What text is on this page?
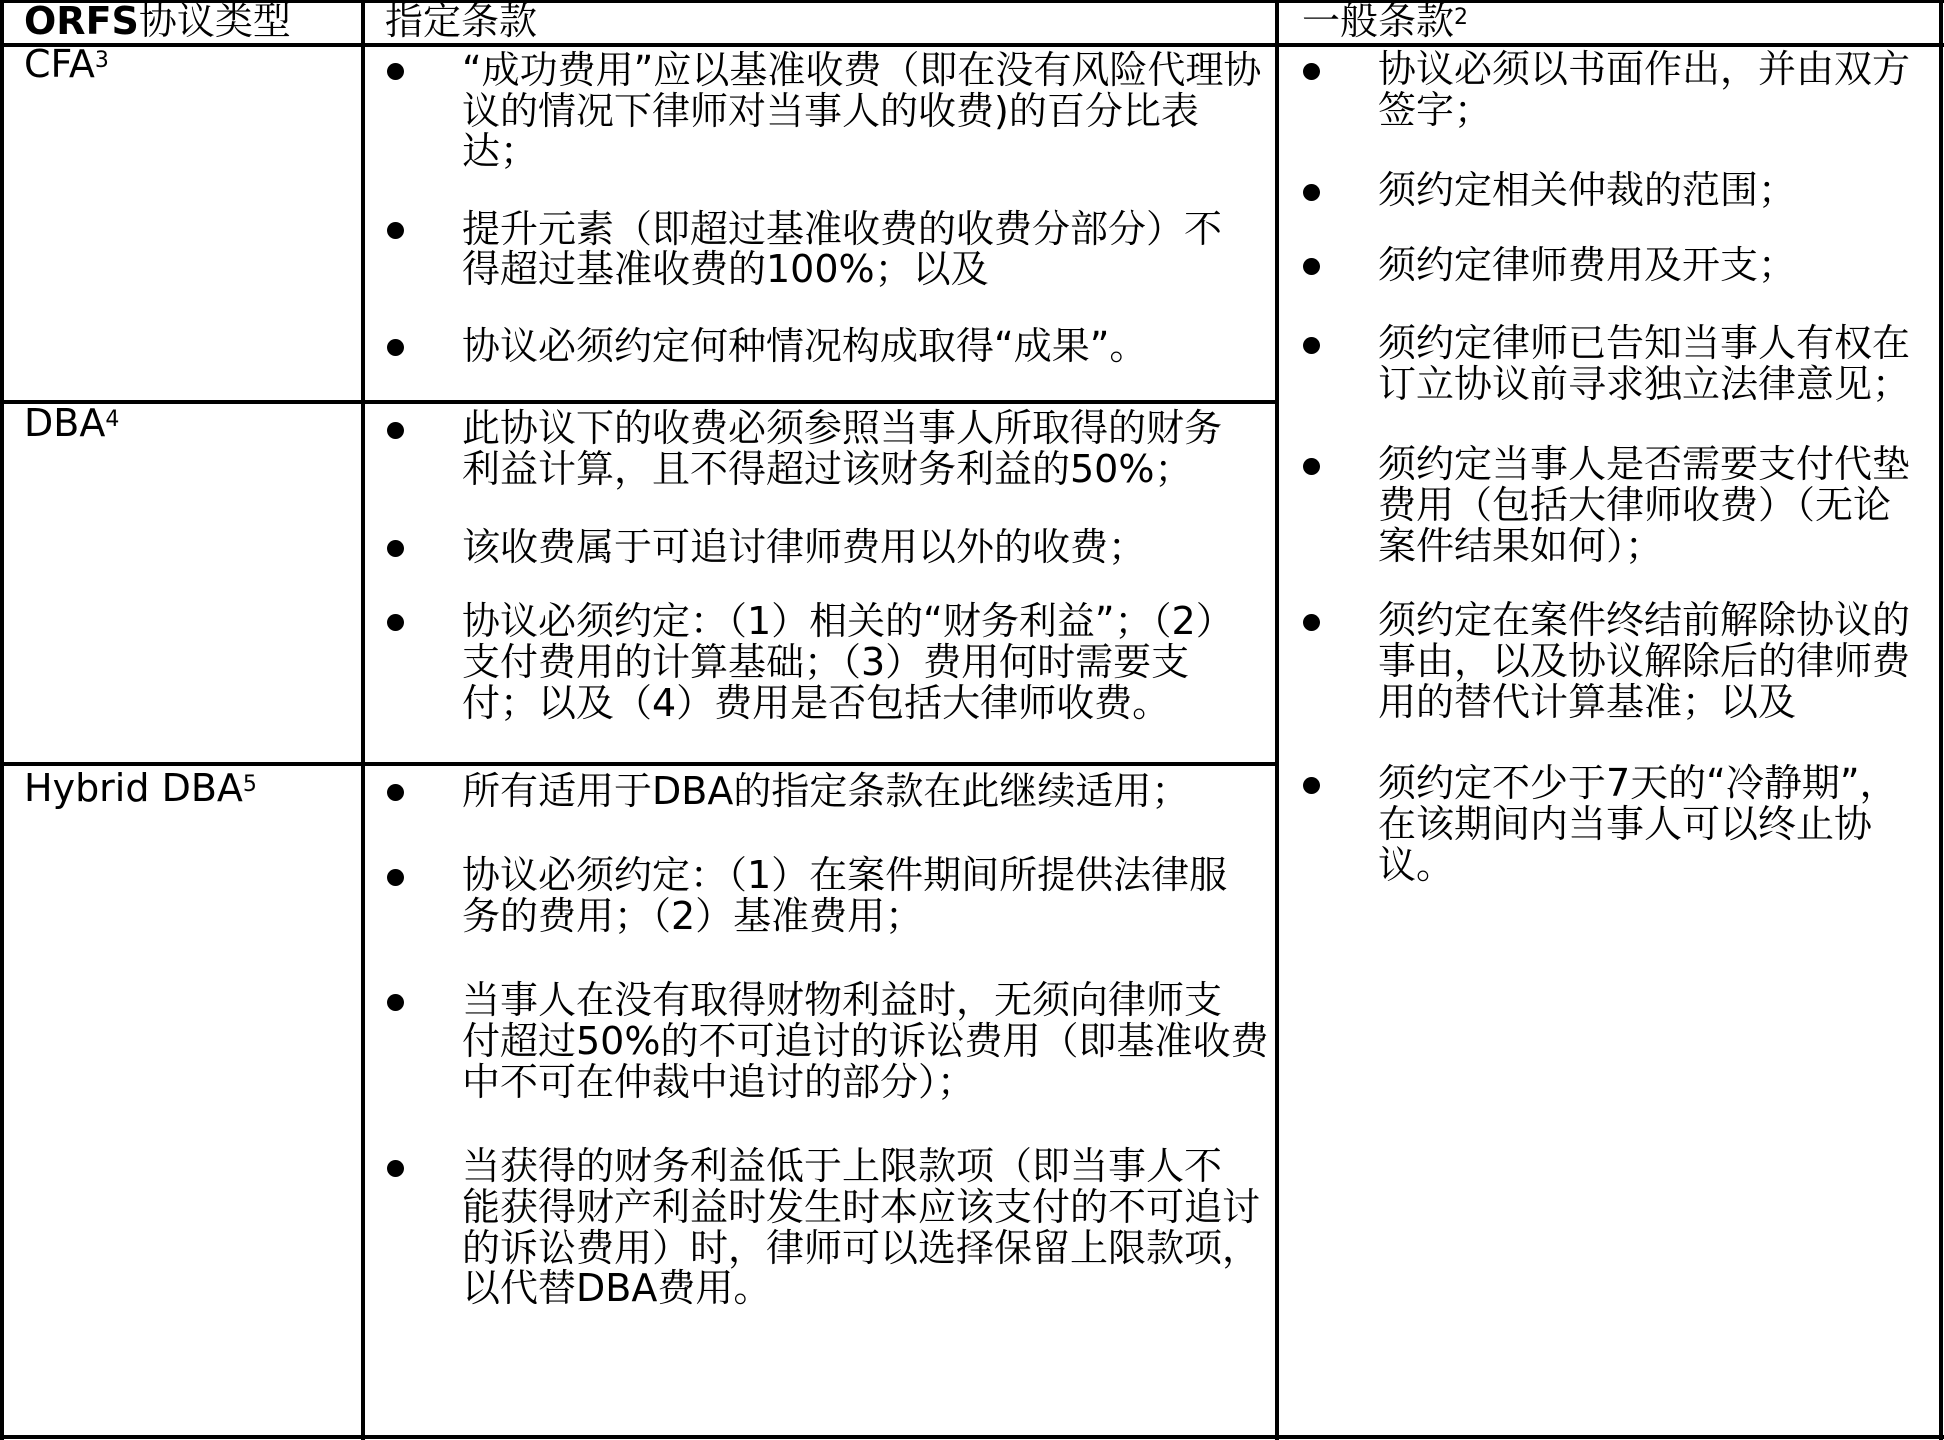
ORFS协议类型 指定条款	一般条款$^2$
CFA$^3$
DBA$^4$
Hybrid DBA$^5$
“成功费用”应以基准收费（即在没有风险代理协
议的情况下律师对当事人的收费)的百分比表
达；
提升元素（即超过基准收费的收费分部分）不
得超过基准收费的100%；以及
协议必须约定何种情况构成取得“成果”。
此协议下的收费必须参照当事人所取得的财务
利益计算，且不得超过该财务利益的50%；
该收费属于可追讨律师费用以外的收费；
协议必须约定：（1）相关的“财务利益”；（2）
支付费用的计算基础；（3）费用何时需要支
付；以及（4）费用是否包括大律师收费。
所有适用于DBA的指定条款在此继续适用；
协议必须约定：（1）在案件期间所提供法律服
务的费用；（2）基准费用；
当事人在没有取得财物利益时，无须向律师支
付超过50%的不可追讨的诉讼费用（即基准收费
中不可在仲裁中追讨的部分）；
当获得的财务利益低于上限款项（即当事人不
能获得财产利益时发生时本应该支付的不可追讨
的诉讼费用）时，律师可以选择保留上限款项，
以代替DBA费用。
协议必须以书面作出，并由双方
签字；
须约定相关仲裁的范围；
须约定律师费用及开支；
须约定律师已告知当事人有权在
订立协议前寻求独立法律意见；
须约定当事人是否需要支付代垫
费用（包括大律师收费）（无论
案件结果如何）；
须约定在案件终结前解除协议的
事由，以及协议解除后的律师费
用的替代计算基准；以及
须约定不少于7天的“冷静期”，
在该期间内当事人可以终止协
议。
